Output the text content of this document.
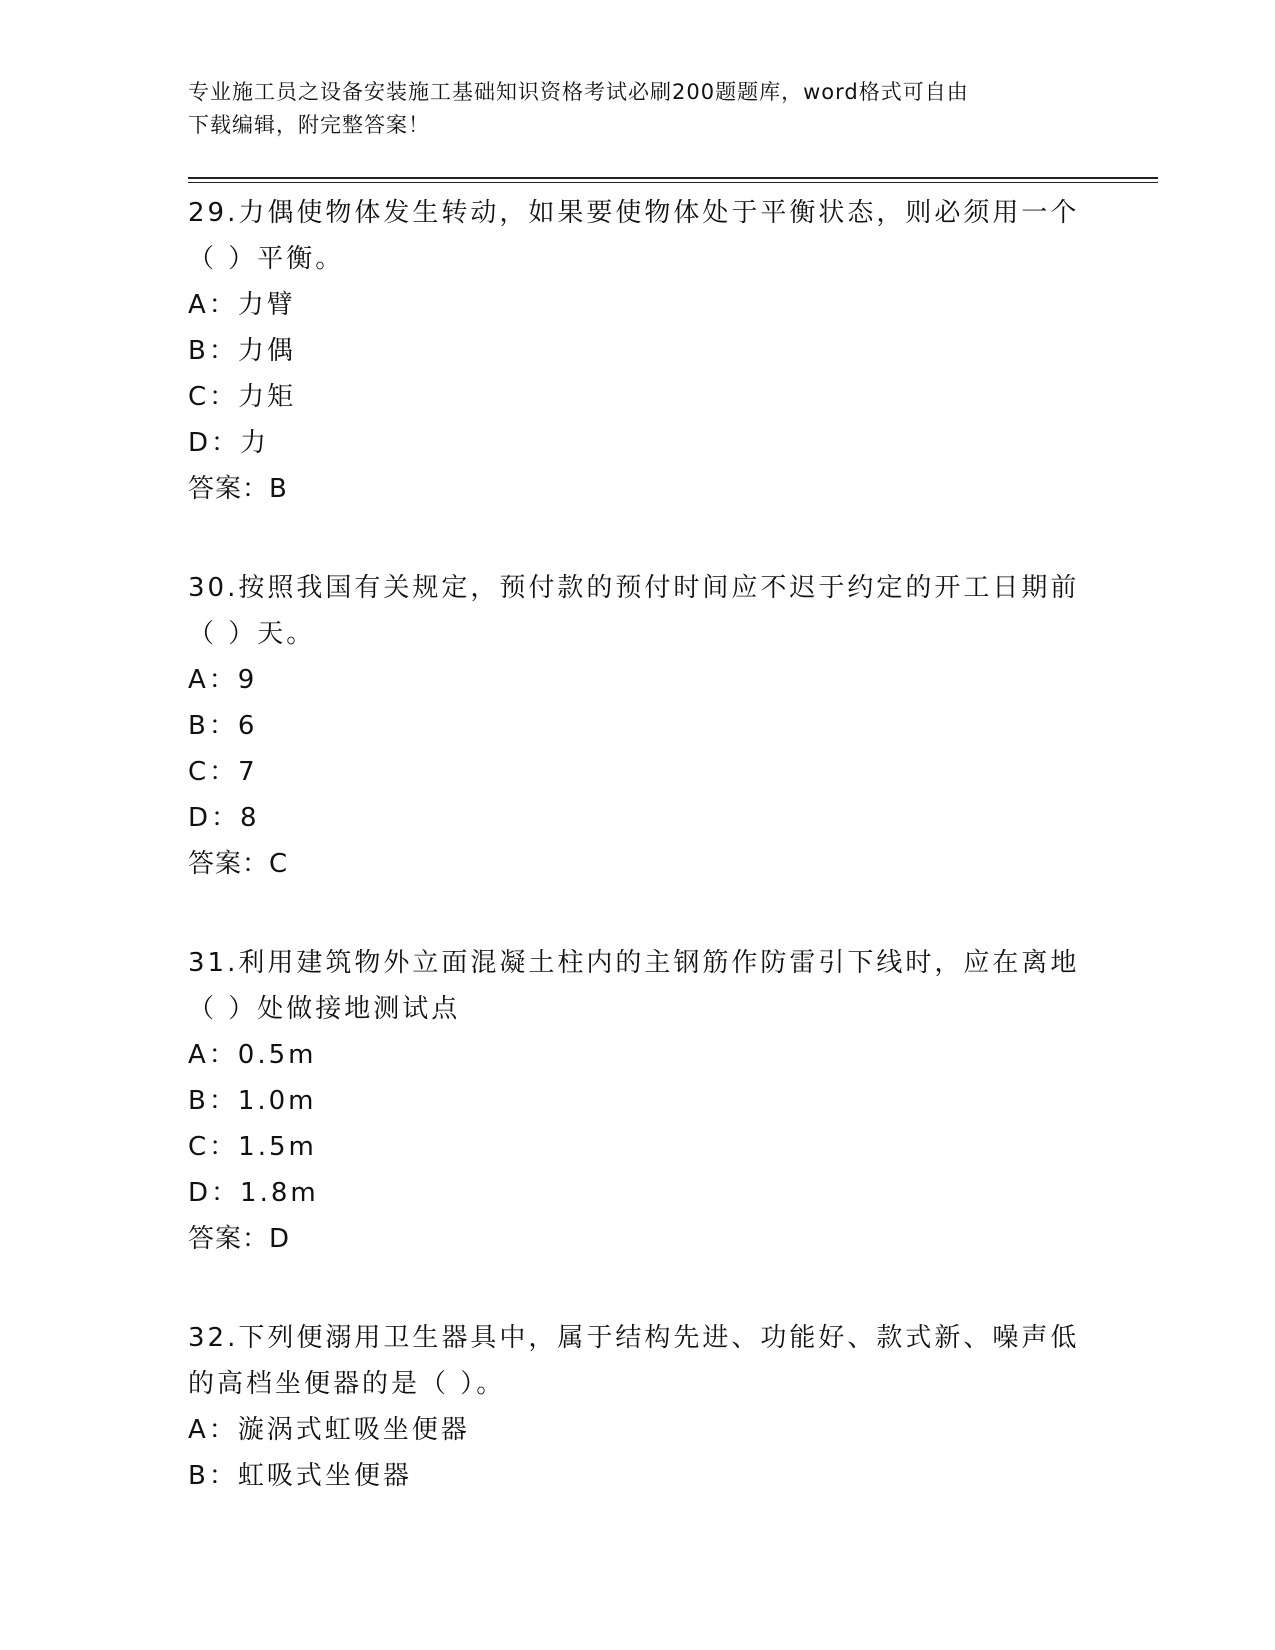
专业施工员之设备安装施工基础知识资格考试必刷200题题库，word格式可自由
下载编辑，附完整答案！
29.力偶使物体发生转动，如果要使物体处于平衡状态，则必须用一个
（ ）平衡。
A：力臂
B：力偶
C：力矩
D：力
答案：B
30.按照我国有关规定，预付款的预付时间应不迟于约定的开工日期前
（ ）天。
A：9
B：6
C：7
D：8
答案：C
31.利用建筑物外立面混凝土柱内的主钢筋作防雷引下线时，应在离地
（ ）处做接地测试点
A：0.5m
B：1.0m
C：1.5m
D：1.8m
答案：D
32.下列便溺用卫生器具中，属于结构先进、功能好、款式新、噪声低
的高档坐便器的是（ ）。
A：漩涡式虹吸坐便器
B：虹吸式坐便器
